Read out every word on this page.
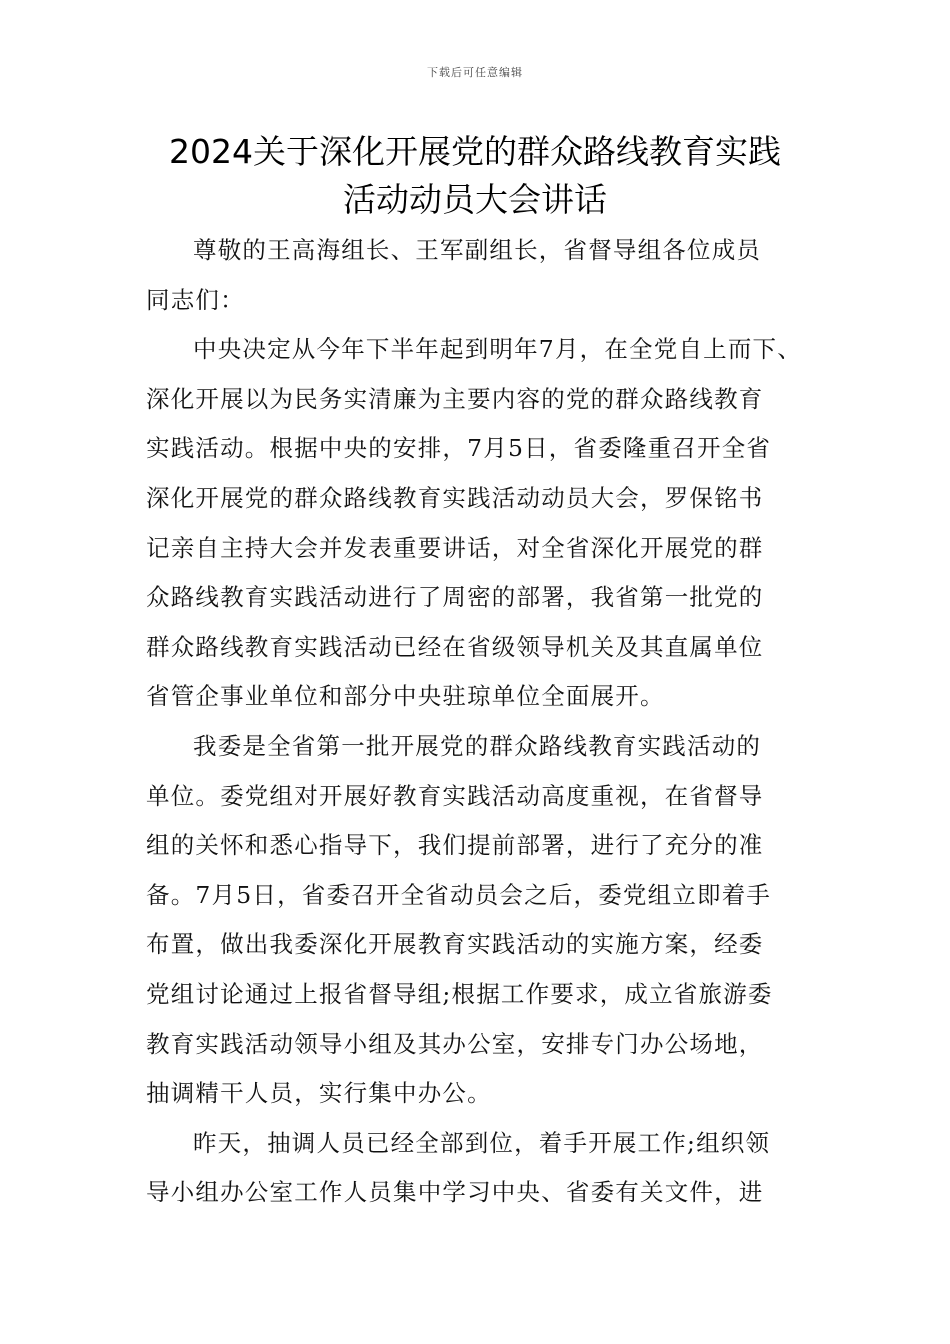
下载后可任意编辑
2024关于深化开展党的群众路线教育实践
活动动员大会讲话
尊敬的王高海组长、王军副组长，省督导组各位成员
同志们：
中央决定从今年下半年起到明年7月，在全党自上而下、
深化开展以为民务实清廉为主要内容的党的群众路线教育
实践活动。根据中央的安排，7月5日，省委隆重召开全省
深化开展党的群众路线教育实践活动动员大会，罗保铭书
记亲自主持大会并发表重要讲话，对全省深化开展党的群
众路线教育实践活动进行了周密的部署，我省第一批党的
群众路线教育实践活动已经在省级领导机关及其直属单位
省管企事业单位和部分中央驻琼单位全面展开。
我委是全省第一批开展党的群众路线教育实践活动的
单位。委党组对开展好教育实践活动高度重视，在省督导
组的关怀和悉心指导下，我们提前部署，进行了充分的准
备。7月5日，省委召开全省动员会之后，委党组立即着手
布置，做出我委深化开展教育实践活动的实施方案，经委
党组讨论通过上报省督导组;根据工作要求，成立省旅游委
教育实践活动领导小组及其办公室，安排专门办公场地，
抽调精干人员，实行集中办公。
昨天，抽调人员已经全部到位，着手开展工作;组织领
导小组办公室工作人员集中学习中央、省委有关文件，进
